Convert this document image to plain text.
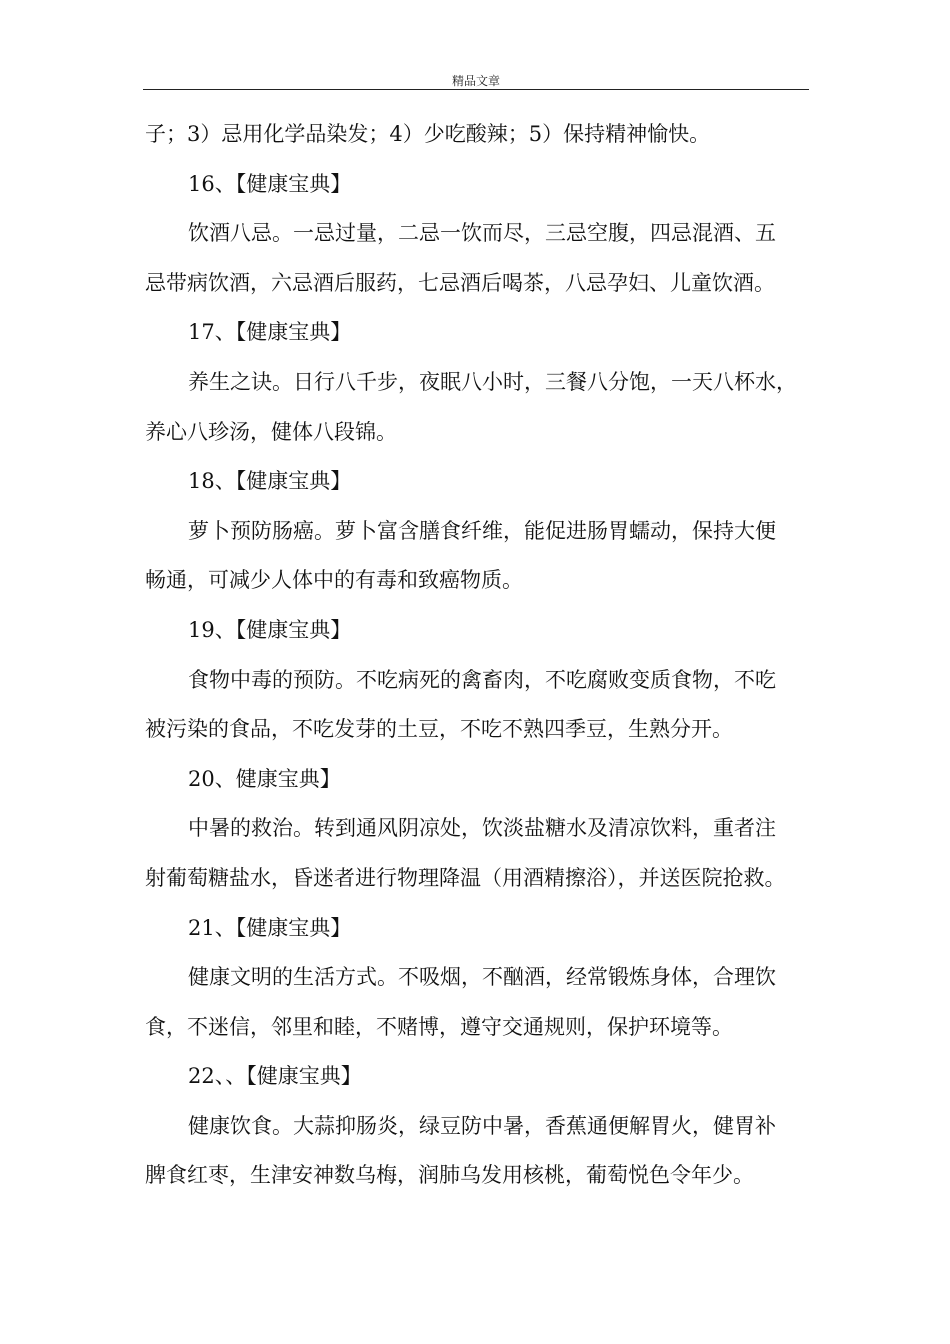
精品文章
子；3）忌用化学品染发；4）少吃酸辣；5）保持精神愉快。
16、【健康宝典】
饮酒八忌。一忌过量，二忌一饮而尽，三忌空腹，四忌混酒、五
忌带病饮酒，六忌酒后服药，七忌酒后喝茶，八忌孕妇、儿童饮酒。
17、【健康宝典】
养生之诀。日行八千步，夜眠八小时，三餐八分饱，一天八杯水，
养心八珍汤，健体八段锦。
18、【健康宝典】
萝卜预防肠癌。萝卜富含膳食纤维，能促进肠胃蠕动，保持大便
畅通，可减少人体中的有毒和致癌物质。
19、【健康宝典】
食物中毒的预防。不吃病死的禽畜肉，不吃腐败变质食物，不吃
被污染的食品，不吃发芽的土豆，不吃不熟四季豆，生熟分开。
20、健康宝典】
中暑的救治。转到通风阴凉处，饮淡盐糖水及清凉饮料，重者注
射葡萄糖盐水，昏迷者进行物理降温（用酒精擦浴），并送医院抢救。
21、【健康宝典】
健康文明的生活方式。不吸烟，不酗酒，经常锻炼身体，合理饮
食，不迷信，邻里和睦，不赌博，遵守交通规则，保护环境等。
22、、【健康宝典】
健康饮食。大蒜抑肠炎，绿豆防中暑，香蕉通便解胃火，健胃补
脾食红枣，生津安神数乌梅，润肺乌发用核桃，葡萄悦色令年少。
